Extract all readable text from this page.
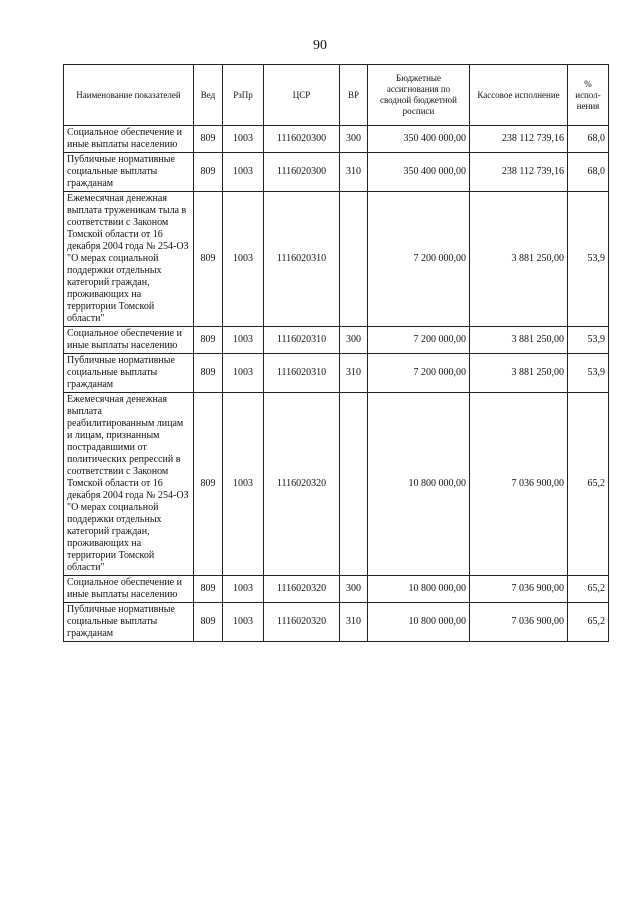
90
Наименование показателей	Вед	РзПр	ЦСР	ВР	Бюджетные ассигнования по сводной бюджетной росписи	Кассовое исполнение	% испол-нения
Социальное обеспечение и иные выплаты населению	809	1003	1116020300	300	350 400 000,00	238 112 739,16	68,0
Публичные нормативные социальные выплаты гражданам	809	1003	1116020300	310	350 400 000,00	238 112 739,16	68,0
Ежемесячная денежная выплата труженикам тыла в соответствии с Законом Томской области от 16 декабря 2004 года № 254-ОЗ "О мерах социальной поддержки отдельных категорий граждан, проживающих на территории Томской области"	809	1003	1116020310		7 200 000,00	3 881 250,00	53,9
Социальное обеспечение и иные выплаты населению	809	1003	1116020310	300	7 200 000,00	3 881 250,00	53,9
Публичные нормативные социальные выплаты гражданам	809	1003	1116020310	310	7 200 000,00	3 881 250,00	53,9
Ежемесячная денежная выплата реабилитированным лицам и лицам, признанным пострадавшими от политических репрессий в соответствии с Законом Томской области от 16 декабря 2004 года № 254-ОЗ "О мерах социальной поддержки отдельных категорий граждан, проживающих на территории Томской области"	809	1003	1116020320		10 800 000,00	7 036 900,00	65,2
Социальное обеспечение и иные выплаты населению	809	1003	1116020320	300	10 800 000,00	7 036 900,00	65,2
Публичные нормативные социальные выплаты гражданам	809	1003	1116020320	310	10 800 000,00	7 036 900,00	65,2
